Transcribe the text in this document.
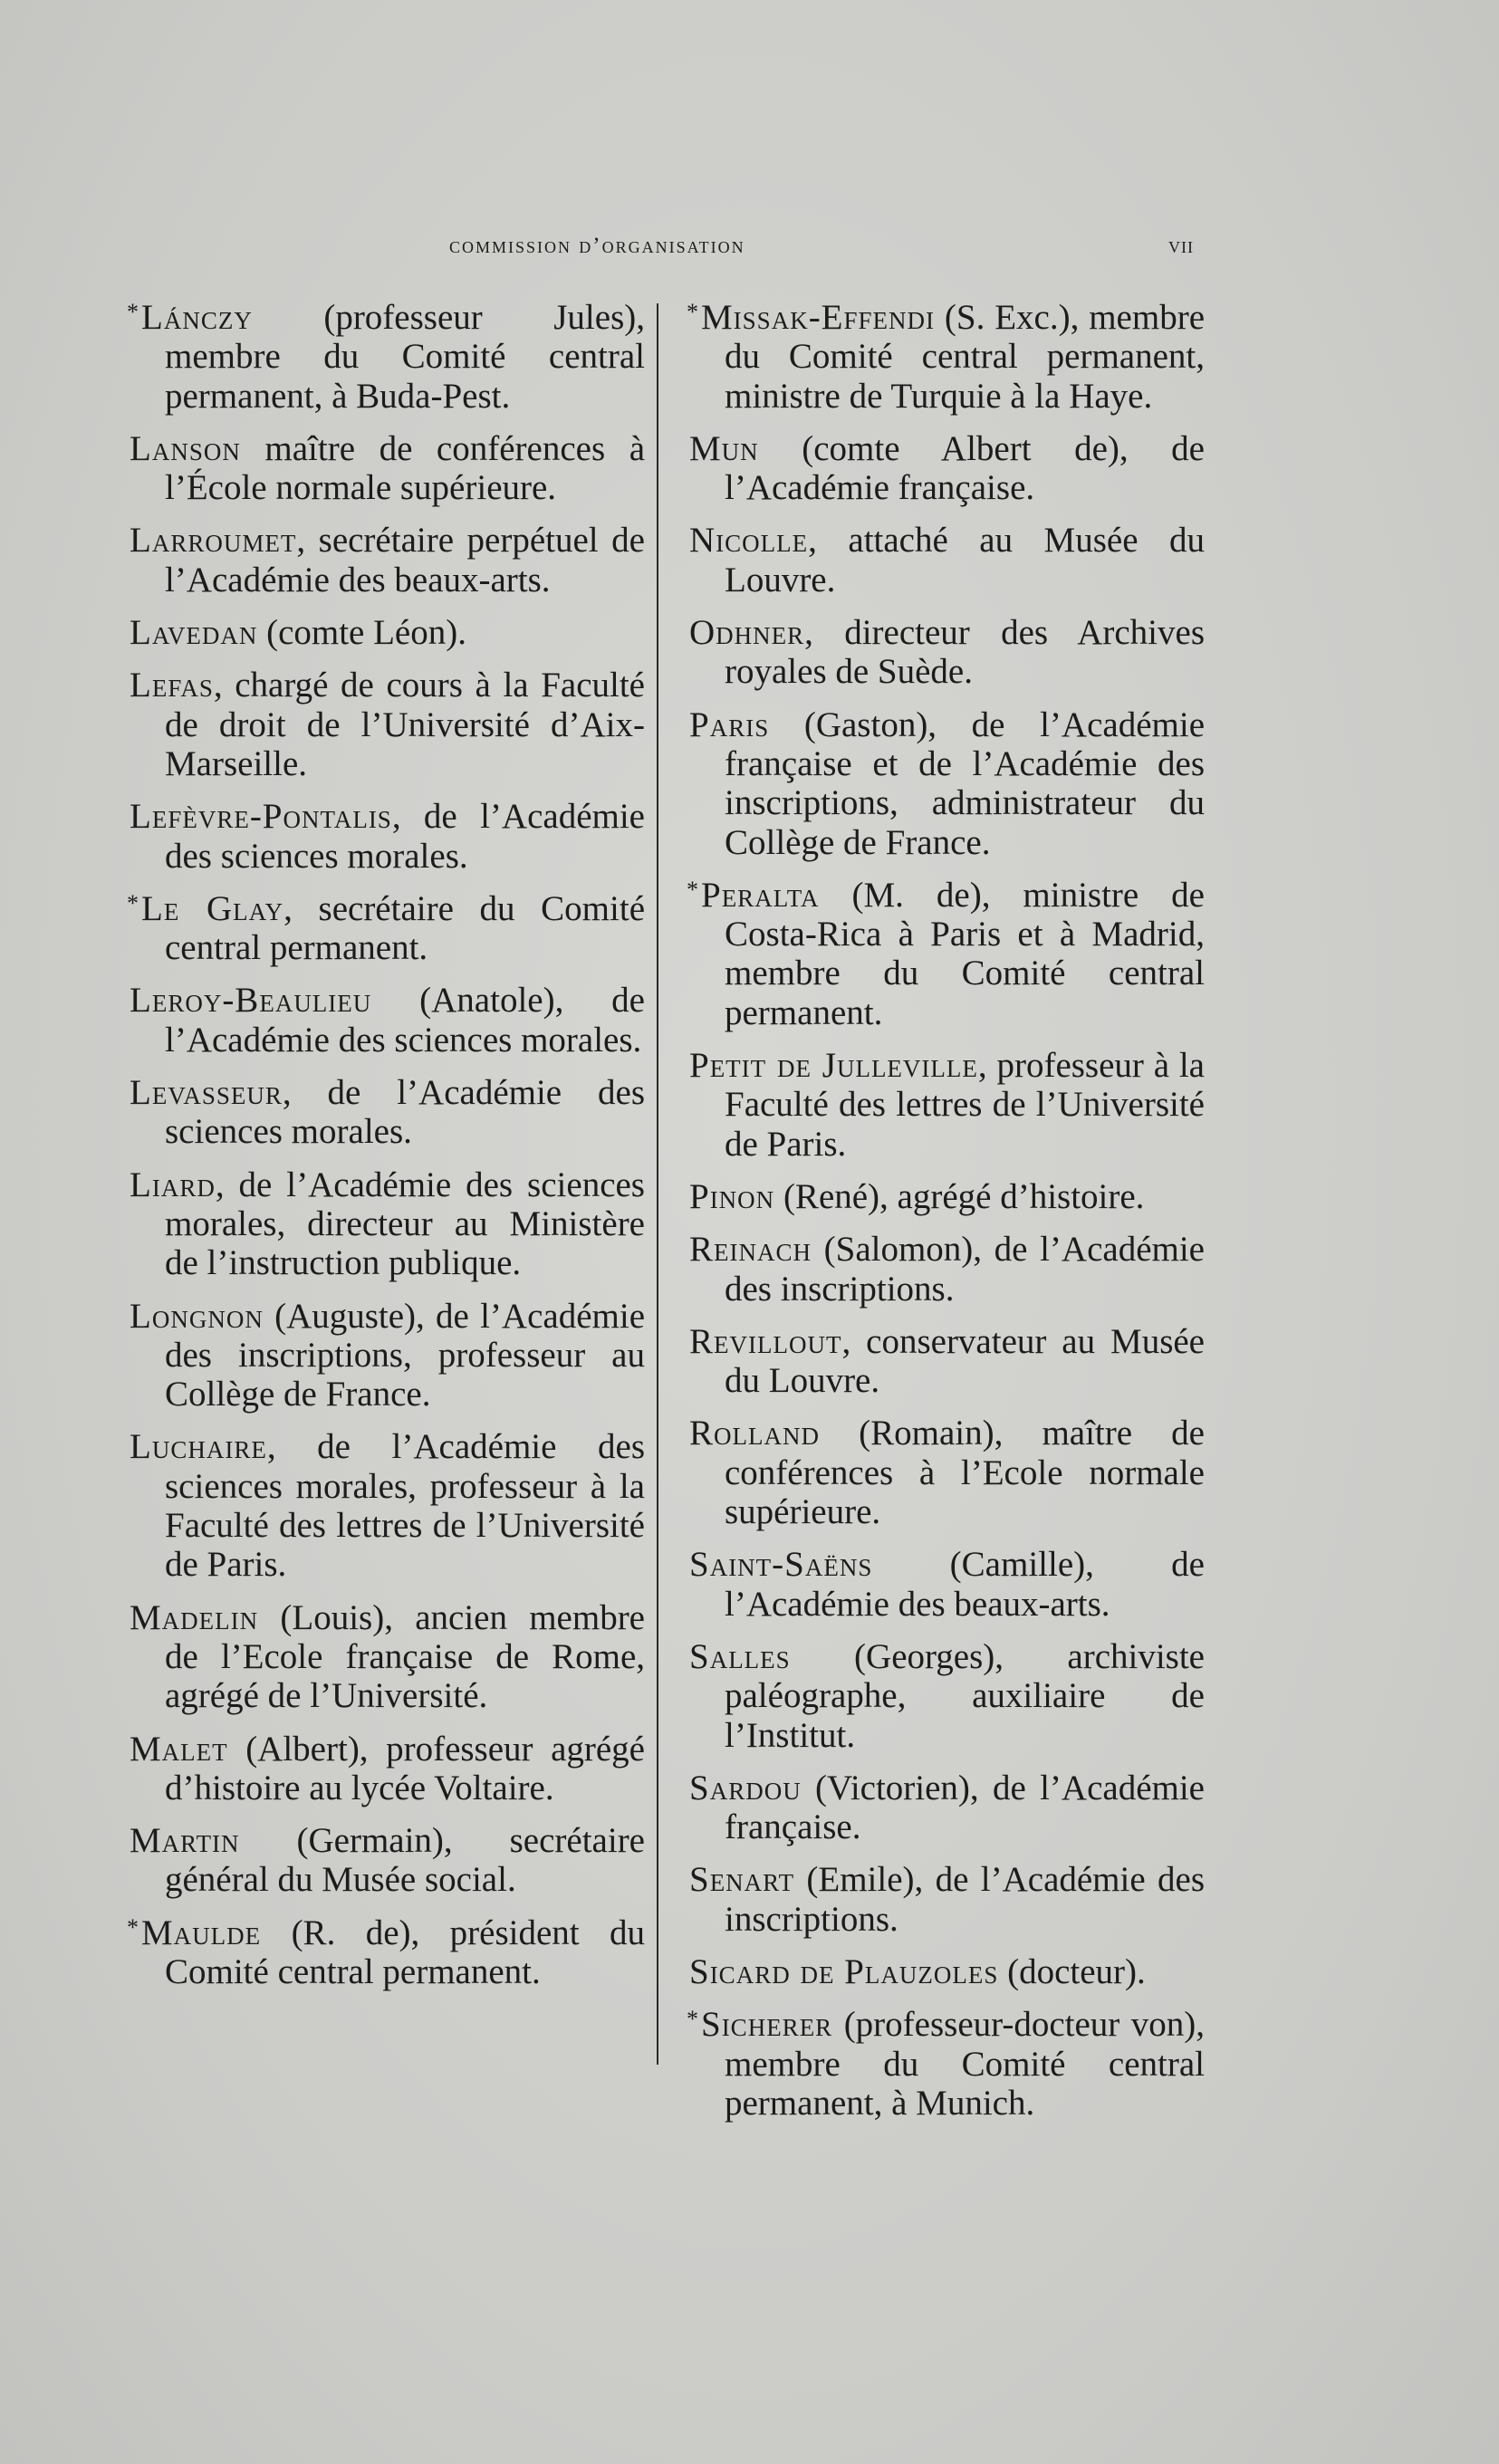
commission d’organisation	vii

*Lánczy (professeur Jules), membre du Comité central permanent, à Buda-Pest.

Lanson maître de conférences à l’École normale supérieure.

Larroumet, secrétaire perpétuel de l’Académie des beaux-arts.

Lavedan (comte Léon).

Lefas, chargé de cours à la Faculté de droit de l’Université d’Aix-Marseille.

Lefèvre-Pontalis, de l’Académie des sciences morales.

*Le Glay, secrétaire du Comité central permanent.

Leroy-Beaulieu (Anatole), de l’Académie des sciences morales.

Levasseur, de l’Académie des sciences morales.

Liard, de l’Académie des sciences morales, directeur au Ministère de l’instruction publique.

Longnon (Auguste), de l’Académie des inscriptions, professeur au Collège de France.

Luchaire, de l’Académie des sciences morales, professeur à la Faculté des lettres de l’Université de Paris.

Madelin (Louis), ancien membre de l’Ecole française de Rome, agrégé de l’Université.

Malet (Albert), professeur agrégé d’histoire au lycée Voltaire.

Martin (Germain), secrétaire général du Musée social.

*Maulde (R. de), président du Comité central permanent.

*Missak-Effendi (S. Exc.), membre du Comité central permanent, ministre de Turquie à la Haye.

Mun (comte Albert de), de l’Académie française.

Nicolle, attaché au Musée du Louvre.

Odhner, directeur des Archives royales de Suède.

Paris (Gaston), de l’Académie française et de l’Académie des inscriptions, administrateur du Collège de France.

*Peralta (M. de), ministre de Costa-Rica à Paris et à Madrid, membre du Comité central permanent.

Petit de Julleville, professeur à la Faculté des lettres de l’Université de Paris.

Pinon (René), agrégé d’histoire.

Reinach (Salomon), de l’Académie des inscriptions.

Revillout, conservateur au Musée du Louvre.

Rolland (Romain), maître de conférences à l’Ecole normale supérieure.

Saint-Saëns (Camille), de l’Académie des beaux-arts.

Salles (Georges), archiviste paléographe, auxiliaire de l’Institut.

Sardou (Victorien), de l’Académie française.

Senart (Emile), de l’Académie des inscriptions.

Sicard de Plauzoles (docteur).

*Sicherer (professeur-docteur von), membre du Comité central permanent, à Munich.
